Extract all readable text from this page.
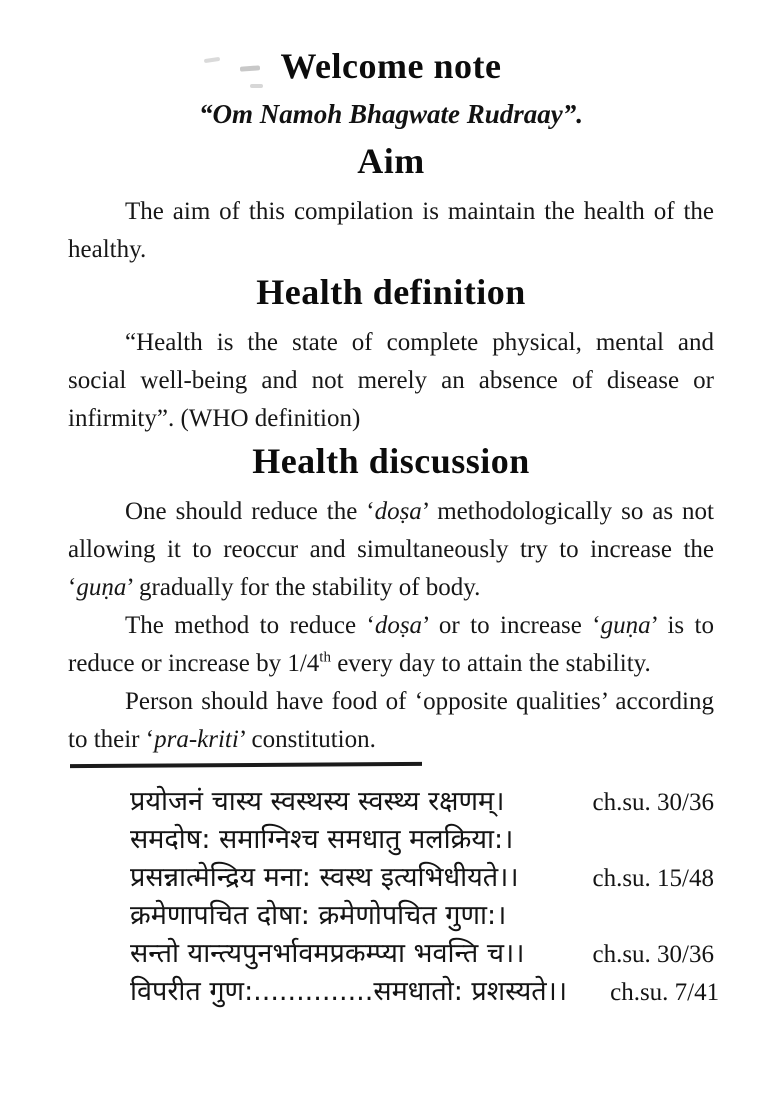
Welcome note
“Om Namoh Bhagwate Rudraay”.
Aim

The aim of this compilation is maintain the health of the healthy.

Health definition

“Health is the state of complete physical, mental and social well-being and not merely an absence of disease or infirmity”. (WHO definition)

Health discussion

One should reduce the ‘doṣa’ methodologically so as not allowing it to reoccur and simultaneously try to increase the ‘guṇa’ gradually for the stability of body.

The method to reduce ‘doṣa’ or to increase ‘guṇa’ is to reduce or increase by 1/4th every day to attain the stability.

Person should have food of ‘opposite qualities’ according to their ‘pra-kriti’ constitution.

प्रयोजनं चास्य स्वस्थस्य स्वस्थ्य रक्षणम्।	ch.su. 30/36
समदोष: समाग्निश्च समधातु मलक्रिया:।
प्रसन्नात्मेन्द्रिय मना: स्वस्थ इत्यभिधीयते।।	ch.su. 15/48
क्रमेणापचित दोषा: क्रमेणोपचित गुणा:।
सन्तो यान्त्यपुनर्भावमप्रकम्प्या भवन्ति च।।	ch.su. 30/36
विपरीत गुण:..............समधातो: प्रशस्यते।।	ch.su. 7/41
